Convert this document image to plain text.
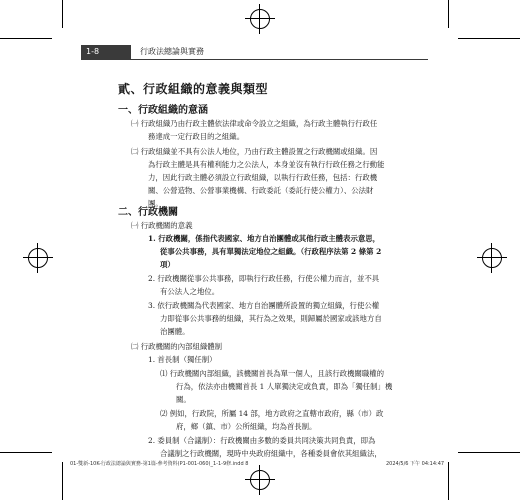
1-8	行政法總論與實務
貳、行政組織的意義與類型
一、行政組織的意涵
㈠ 行政組織乃由行政主體依法律或命令設立之組織，為行政主體執行行政任
務達成一定行政目的之組織。
㈡ 行政組織並不具有公法人地位，乃由行政主體設置之行政機關或組織。因
為行政主體是具有權利能力之公法人，本身並沒有執行行政任務之行動能
力，因此行政主體必須設立行政組織，以執行行政任務，包括：行政機
關、公營造物、公營事業機構、行政委託（委託行使公權力）、公法財
團。
二、行政機關
㈠ 行政機關的意義
1. 行政機關，係指代表國家、地方自治團體或其他行政主體表示意思，
從事公共事務，具有單獨法定地位之組織。（行政程序法第 2 條第 2
項）
2. 行政機關從事公共事務，即執行行政任務，行使公權力而言，並不具
有公法人之地位。
3. 依行政機關為代表國家、地方自治團體所設置的獨立組織，行使公權
力即從事公共事務的組織，其行為之效果，則歸屬於國家或該地方自
治團體。
㈡ 行政機關的內部組織體制
1. 首長制（獨任制）
⑴ 行政機關內部組織，該機關首長為單一個人，且該行政機關職權的
行為，依法亦由機關首長 1 人單獨決定或負責，即為「獨任制」機
關。
⑵ 例如，行政院，所屬 14 部，地方政府之直轄市政府，縣（市）政
府，鄉（鎮、市）公所組織，均為首長制。
2. 委員制（合議制）：行政機關由多數的委員共同決策共同負責，即為
合議制之行政機關，現時中央政府組織中，各種委員會依其組織法，
01-雙新-10K-行政法總論與實務-第1篇-參考資料(P1-001-060)_1-1-9修.indd 8	2024/5/6 下午 04:14:47
